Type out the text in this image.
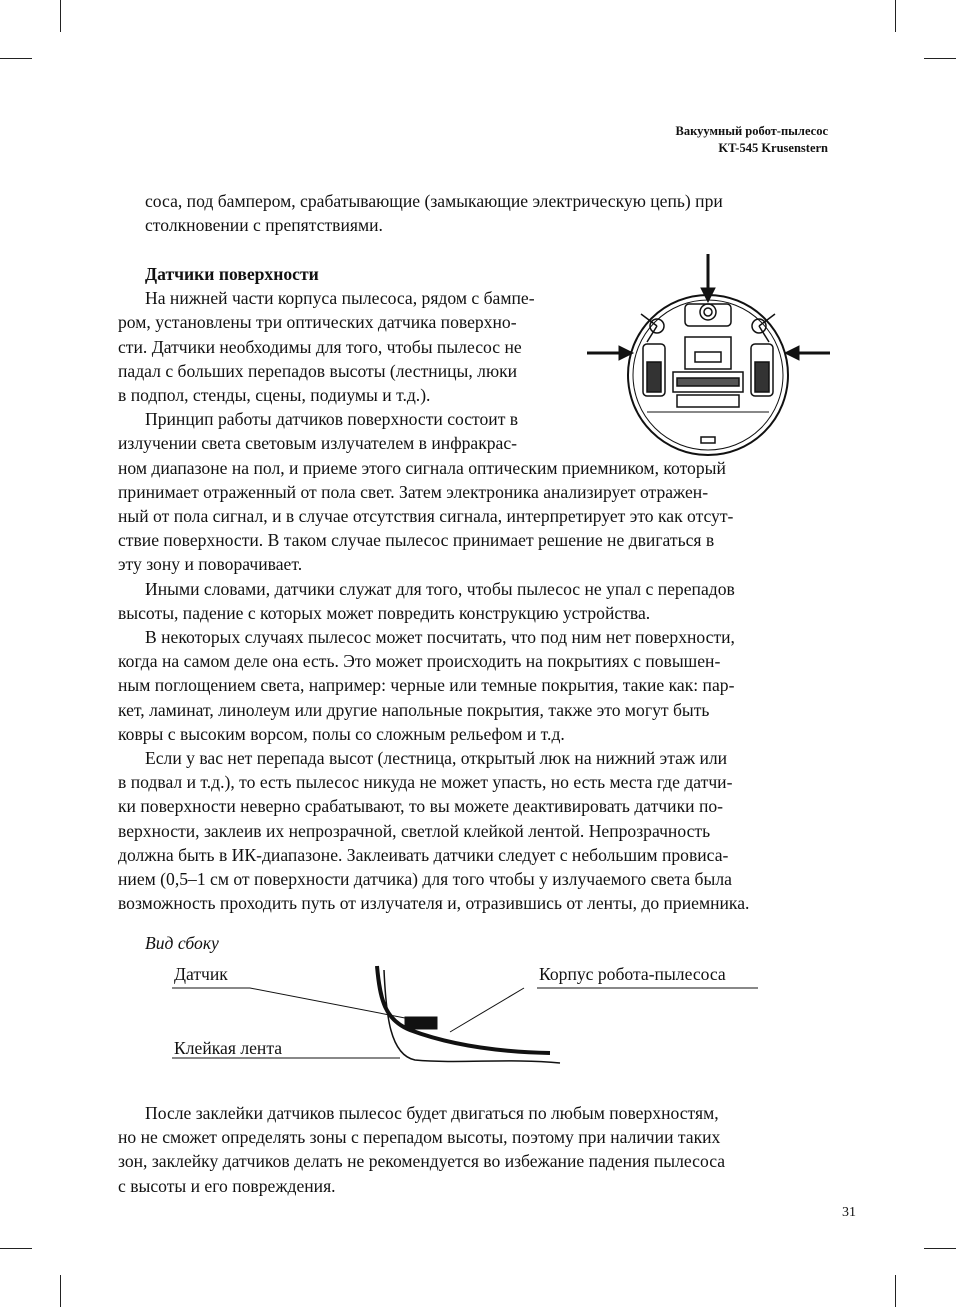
Вакуумный робот-пылесос
KT-545 Krusenstern
соса, под бампером, срабатывающие (замыкающие электрическую цепь) при
столкновении с препятствиями.
Датчики поверхности
На нижней части корпуса пылесоса, рядом с бампе-
ром, установлены три оптических датчика поверхно-
сти. Датчики необходимы для того, чтобы пылесос не
падал с больших перепадов высоты (лестницы, люки
в подпол, стенды, сцены, подиумы и т.д.).
Принцип работы датчиков поверхности состоит в
излучении света световым излучателем в инфракрас-
ном диапазоне на пол, и приеме этого сигнала оптическим приемником, который
принимает отраженный от пола свет. Затем электроника анализирует отражен-
ный от пола сигнал, и в случае отсутствия сигнала, интерпретирует это как отсут-
ствие поверхности. В таком случае пылесос принимает решение не двигаться в
эту зону и поворачивает.
Иными словами, датчики служат для того, чтобы пылесос не упал с перепадов
высоты, падение с которых может повредить конструкцию устройства.
В некоторых случаях пылесос может посчитать, что под ним нет поверхности,
когда на самом деле она есть. Это может происходить на покрытиях с повышен-
ным поглощением света, например: черные или темные покрытия, такие как: пар-
кет, ламинат, линолеум или другие напольные покрытия, также это могут быть
ковры с высоким ворсом, полы со сложным рельефом и т.д.
Если у вас нет перепада высот (лестница, открытый люк на нижний этаж или
в подвал и т.д.), то есть пылесос никуда не может упасть, но есть места где датчи-
ки поверхности неверно срабатывают, то вы можете деактивировать датчики по-
верхности, заклеив их непрозрачной, светлой клейкой лентой. Непрозрачность
должна быть в ИК-диапазоне. Заклеивать датчики следует с небольшим провиса-
нием (0,5–1 см от поверхности датчика) для того чтобы у излучаемого света была
возможность проходить путь от излучателя и, отразившись от ленты, до приемника.
Вид сбоку
Датчик	Корпус робота-пылесоса
Клейкая лента
После заклейки датчиков пылесос будет двигаться по любым поверхностям,
но не сможет определять зоны с перепадом высоты, поэтому при наличии таких
зон, заклейку датчиков делать не рекомендуется во избежание падения пылесоса
с высоты и его повреждения.
31
